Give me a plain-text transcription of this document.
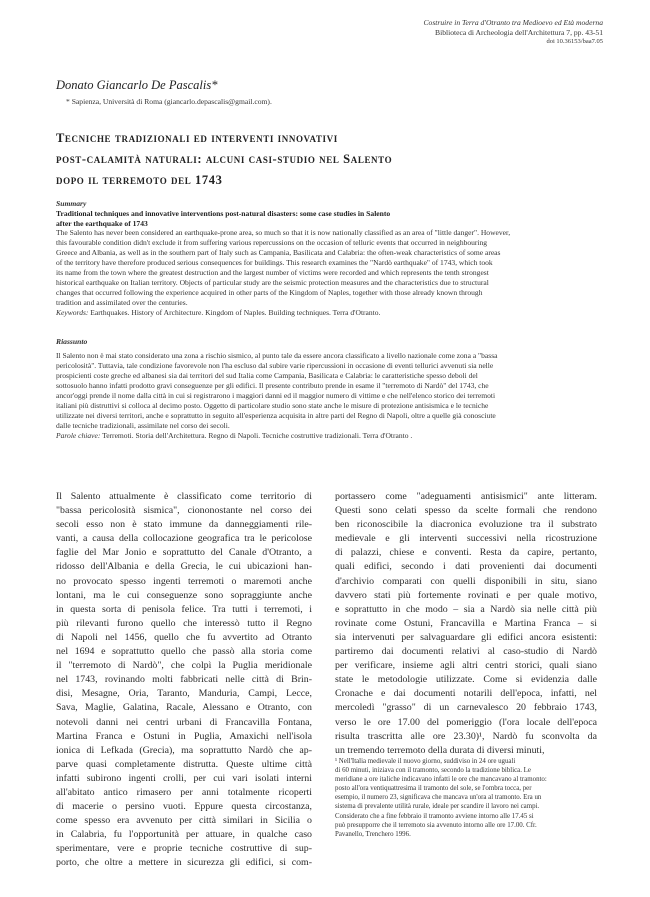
Costruire in Terra d'Otranto tra Medioevo ed Età moderna
Biblioteca di Archeologia dell'Architettura 7, pp. 43-51
doi 10.36153/baa7.05
Donato Giancarlo De Pascalis*
* Sapienza, Università di Roma (giancarlo.depascalis@gmail.com).
Tecniche tradizionali ed interventi innovativi
post-calamità naturali: alcuni casi-studio nel Salento
dopo il terremoto del 1743
Summary
Traditional techniques and innovative interventions post-natural disasters: some case studies in Salento
after the earthquake of 1743
The Salento has never been considered an earthquake-prone area, so much so that it is now nationally classified as an area of "little danger". However,
this favourable condition didn't exclude it from suffering various repercussions on the occasion of telluric events that occurred in neighbouring
Greece and Albania, as well as in the southern part of Italy such as Campania, Basilicata and Calabria: the often-weak characteristics of some areas
of the territory have therefore produced serious consequences for buildings. This research examines the "Nardò earthquake" of 1743, which took
its name from the town where the greatest destruction and the largest number of victims were recorded and which represents the tenth strongest
historical earthquake on Italian territory. Objects of particular study are the seismic protection measures and the characteristics due to structural
changes that occurred following the experience acquired in other parts of the Kingdom of Naples, together with those already known through
tradition and assimilated over the centuries.
Keywords: Earthquakes. History of Architecture. Kingdom of Naples. Building techniques. Terra d'Otranto.
Riassunto
Il Salento non è mai stato considerato una zona a rischio sismico, al punto tale da essere ancora classificato a livello nazionale come zona a "bassa
pericolosità". Tuttavia, tale condizione favorevole non l'ha escluso dal subire varie ripercussioni in occasione di eventi tellurici avvenuti sia nelle
prospicienti coste greche ed albanesi sia dai territori del sud Italia come Campania, Basilicata e Calabria: le caratteristiche spesso deboli del
sottosuolo hanno infatti prodotto gravi conseguenze per gli edifici. Il presente contributo prende in esame il "terremoto di Nardò" del 1743, che
ancor'oggi prende il nome dalla città in cui si registrarono i maggiori danni ed il maggior numero di vittime e che nell'elenco storico dei terremoti
italiani più distruttivi si colloca al decimo posto. Oggetto di particolare studio sono state anche le misure di protezione antisismica e le tecniche
utilizzate nei diversi territori, anche e soprattutto in seguito all'esperienza acquisita in altre parti del Regno di Napoli, oltre a quelle già conosciute
dalle tecniche tradizionali, assimilate nel corso dei secoli.
Parole chiave: Terremoti. Storia dell'Architettura. Regno di Napoli. Tecniche costruttive tradizionali. Terra d'Otranto .
Il Salento attualmente è classificato come territorio di
"bassa pericolosità sismica", ciononostante nel corso dei
secoli esso non è stato immune da danneggiamenti rile-
vanti, a causa della collocazione geografica tra le pericolose
faglie del Mar Jonio e soprattutto del Canale d'Otranto, a
ridosso dell'Albania e della Grecia, le cui ubicazioni han-
no provocato spesso ingenti terremoti o maremoti anche
lontani, ma le cui conseguenze sono sopraggiunte anche
in questa sorta di penisola felice. Tra tutti i terremoti, i
più rilevanti furono quello che interessò tutto il Regno
di Napoli nel 1456, quello che fu avvertito ad Otranto
nel 1694 e soprattutto quello che passò alla storia come
il "terremoto di Nardò", che colpì la Puglia meridionale
nel 1743, rovinando molti fabbricati nelle città di Brin-
disi, Mesagne, Oria, Taranto, Manduria, Campi, Lecce,
Sava, Maglie, Galatina, Racale, Alessano e Otranto, con
notevoli danni nei centri urbani di Francavilla Fontana,
Martina Franca e Ostuni in Puglia, Amaxichi nell'isola
ionica di Lefkada (Grecia), ma soprattutto Nardò che ap-
parve quasi completamente distrutta. Queste ultime città
infatti subirono ingenti crolli, per cui vari isolati interni
all'abitato antico rimasero per anni totalmente ricoperti
di macerie o persino vuoti. Eppure questa circostanza,
come spesso era avvenuto per città similari in Sicilia o
in Calabria, fu l'opportunità per attuare, in qualche caso
sperimentare, vere e proprie tecniche costruttive di sup-
porto, che oltre a mettere in sicurezza gli edifici, si com-
portassero come "adeguamenti antisismici" ante litteram.
Questi sono celati spesso da scelte formali che rendono
ben riconoscibile la diacronica evoluzione tra il substrato
medievale e gli interventi successivi nella ricostruzione
di palazzi, chiese e conventi. Resta da capire, pertanto,
quali edifici, secondo i dati provenienti dai documenti
d'archivio comparati con quelli disponibili in situ, siano
davvero stati più fortemente rovinati e per quale motivo,
e soprattutto in che modo – sia a Nardò sia nelle città più
rovinate come Ostuni, Francavilla e Martina Franca – si
sia intervenuti per salvaguardare gli edifici ancora esistenti:
partiremo dai documenti relativi al caso-studio di Nardò
per verificare, insieme agli altri centri storici, quali siano
state le metodologie utilizzate. Come si evidenzia dalle
Cronache e dai documenti notarili dell'epoca, infatti, nel
mercoledì "grasso" di un carnevalesco 20 febbraio 1743,
verso le ore 17.00 del pomeriggio (l'ora locale dell'epoca
risulta trascritta alle ore 23.30)¹, Nardò fu sconvolta da
un tremendo terremoto della durata di diversi minuti,
¹ Nell'Italia medievale il nuovo giorno, suddiviso in 24 ore uguali
di 60 minuti, iniziava con il tramonto, secondo la tradizione biblica. Le
meridiane a ore italiche indicavano infatti le ore che mancavano al tramonto:
posto all'ora ventiquattresima il tramonto del sole, se l'ombra tocca, per
esempio, il numero 23, significava che mancava un'ora al tramonto. Era un
sistema di prevalente utilità rurale, ideale per scandire il lavoro nei campi.
Considerato che a fine febbraio il tramonto avviene intorno alle 17.45 si
può presupporre che il terremoto sia avvenuto intorno alle ore 17.00. Cfr.
Pavanello, Trenchero 1996.
